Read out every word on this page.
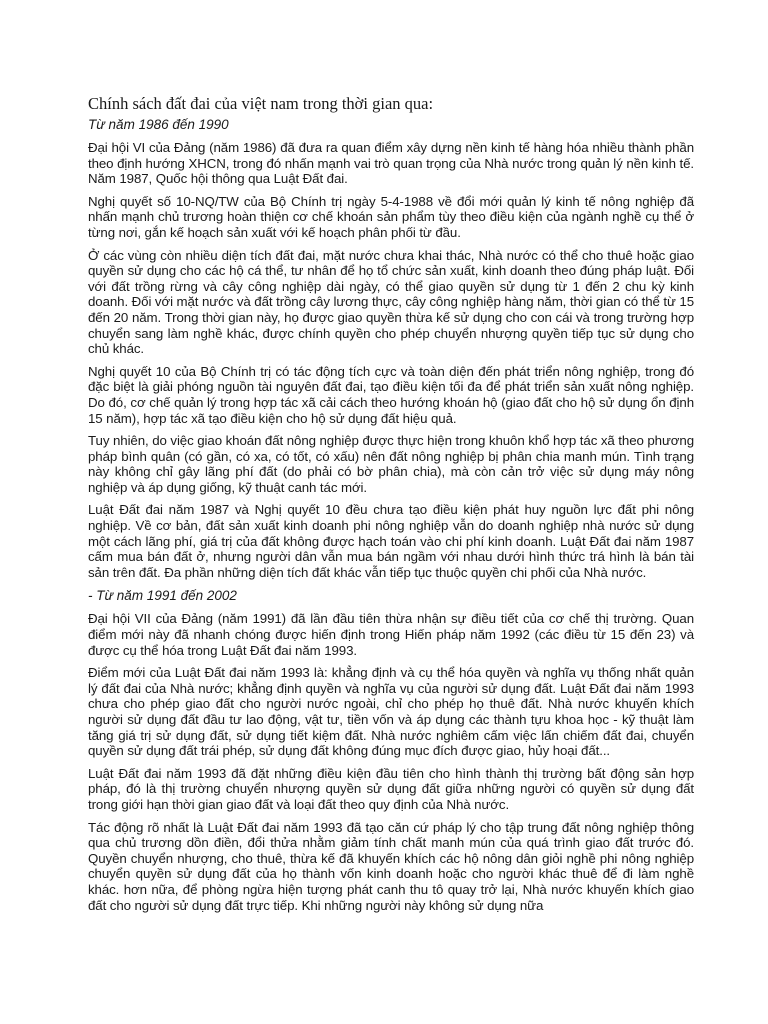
Chính sách đất đai của việt nam trong thời gian qua:
Từ năm 1986 đến 1990

Đại hội VI của Đảng (năm 1986) đã đưa ra quan điểm xây dựng nền kinh tế hàng hóa nhiều thành phần theo định hướng XHCN, trong đó nhấn mạnh vai trò quan trọng của Nhà nước trong quản lý nền kinh tế. Năm 1987, Quốc hội thông qua Luật Đất đai.

Nghị quyết số 10-NQ/TW của Bộ Chính trị ngày 5-4-1988 về đổi mới quản lý kinh tế nông nghiệp đã nhấn mạnh chủ trương hoàn thiện cơ chế khoán sản phẩm tùy theo điều kiện của ngành nghề cụ thể ở từng nơi, gắn kế hoạch sản xuất với kế hoạch phân phối từ đầu.

Ở các vùng còn nhiều diện tích đất đai, mặt nước chưa khai thác, Nhà nước có thể cho thuê hoặc giao quyền sử dụng cho các hộ cá thể, tư nhân để họ tổ chức sản xuất, kinh doanh theo đúng pháp luật. Đối với đất trồng rừng và cây công nghiệp dài ngày, có thể giao quyền sử dụng từ 1 đến 2 chu kỳ kinh doanh. Đối với mặt nước và đất trồng cây lương thực, cây công nghiệp hàng năm, thời gian có thể từ 15 đến 20 năm. Trong thời gian này, họ được giao quyền thừa kế sử dụng cho con cái và trong trường hợp chuyển sang làm nghề khác, được chính quyền cho phép chuyển nhượng quyền tiếp tục sử dụng cho chủ khác.

Nghị quyết 10 của Bộ Chính trị có tác động tích cực và toàn diện đến phát triển nông nghiệp, trong đó đặc biệt là giải phóng nguồn tài nguyên đất đai, tạo điều kiện tối đa để phát triển sản xuất nông nghiệp. Do đó, cơ chế quản lý trong hợp tác xã cải cách theo hướng khoán hộ (giao đất cho hộ sử dụng ổn định 15 năm), hợp tác xã tạo điều kiện cho hộ sử dụng đất hiệu quả.

Tuy nhiên, do việc giao khoán đất nông nghiệp được thực hiện trong khuôn khổ hợp tác xã theo phương pháp bình quân (có gần, có xa, có tốt, có xấu) nên đất nông nghiệp bị phân chia manh mún. Tình trạng này không chỉ gây lãng phí đất (do phải có bờ phân chia), mà còn cản trở việc sử dụng máy nông nghiệp và áp dụng giống, kỹ thuật canh tác mới.

Luật Đất đai năm 1987 và Nghị quyết 10 đều chưa tạo điều kiện phát huy nguồn lực đất phi nông nghiệp. Về cơ bản, đất sản xuất kinh doanh phi nông nghiệp vẫn do doanh nghiệp nhà nước sử dụng một cách lãng phí, giá trị của đất không được hạch toán vào chi phí kinh doanh. Luật Đất đai năm 1987 cấm mua bán đất ở, nhưng người dân vẫn mua bán ngầm với nhau dưới hình thức trá hình là bán tài sản trên đất. Đa phần những diện tích đất khác vẫn tiếp tục thuộc quyền chi phối của Nhà nước.

- Từ năm 1991 đến 2002

Đại hội VII của Đảng (năm 1991) đã lần đầu tiên thừa nhận sự điều tiết của cơ chế thị trường. Quan điểm mới này đã nhanh chóng được hiến định trong Hiến pháp năm 1992 (các điều từ 15 đến 23) và được cụ thể hóa trong Luật Đất đai năm 1993.

Điểm mới của Luật Đất đai năm 1993 là: khẳng định và cụ thể hóa quyền và nghĩa vụ thống nhất quản lý đất đai của Nhà nước; khẳng định quyền và nghĩa vụ của người sử dụng đất. Luật Đất đai năm 1993 chưa cho phép giao đất cho người nước ngoài, chỉ cho phép họ thuê đất. Nhà nước khuyến khích người sử dụng đất đầu tư lao động, vật tư, tiền vốn và áp dụng các thành tựu khoa học - kỹ thuật làm tăng giá trị sử dụng đất, sử dụng tiết kiệm đất. Nhà nước nghiêm cấm việc lấn chiếm đất đai, chuyển quyền sử dụng đất trái phép, sử dụng đất không đúng mục đích được giao, hủy hoại đất...

Luật Đất đai năm 1993 đã đặt những điều kiện đầu tiên cho hình thành thị trường bất động sản hợp pháp, đó là thị trường chuyển nhượng quyền sử dụng đất giữa những người có quyền sử dụng đất trong giới hạn thời gian giao đất và loại đất theo quy định của Nhà nước.

Tác động rõ nhất là Luật Đất đai năm 1993 đã tạo căn cứ pháp lý cho tập trung đất nông nghiệp thông qua chủ trương dồn điền, đổi thửa nhằm giảm tính chất manh mún của quá trình giao đất trước đó. Quyền chuyển nhượng, cho thuê, thừa kế đã khuyến khích các hộ nông dân giỏi nghề phi nông nghiệp chuyển quyền sử dụng đất của họ thành vốn kinh doanh hoặc cho người khác thuê để đi làm nghề khác. hơn nữa, để phòng ngừa hiện tượng phát canh thu tô quay trở lại, Nhà nước khuyến khích giao đất cho người sử dụng đất trực tiếp. Khi những người này không sử dụng nữa
